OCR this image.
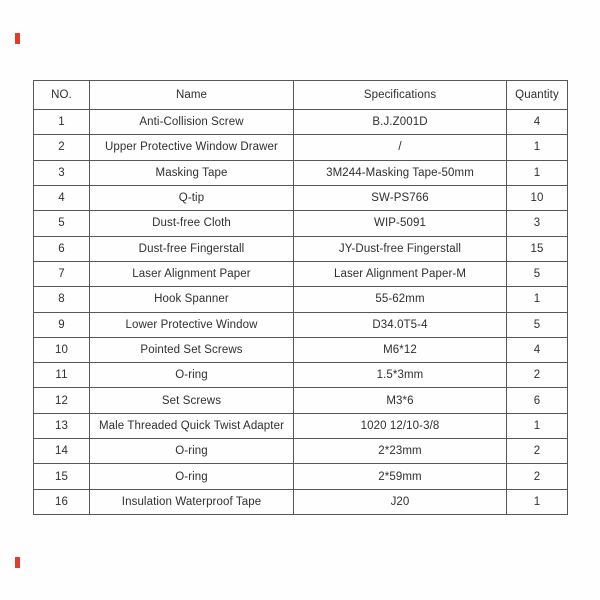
NO.	Name	Specifications	Quantity
1	Anti-Collision Screw	B.J.Z001D	4
2	Upper Protective Window Drawer	/	1
3	Masking Tape	3M244-Masking Tape-50mm	1
4	Q-tip	SW-PS766	10
5	Dust-free Cloth	WIP-5091	3
6	Dust-free Fingerstall	JY-Dust-free Fingerstall	15
7	Laser Alignment Paper	Laser Alignment Paper-M	5
8	Hook Spanner	55-62mm	1
9	Lower Protective Window	D34.0T5-4	5
10	Pointed Set Screws	M6*12	4
11	O-ring	1.5*3mm	2
12	Set Screws	M3*6	6
13	Male Threaded Quick Twist Adapter	1020 12/10-3/8	1
14	O-ring	2*23mm	2
15	O-ring	2*59mm	2
16	Insulation Waterproof Tape	J20	1
